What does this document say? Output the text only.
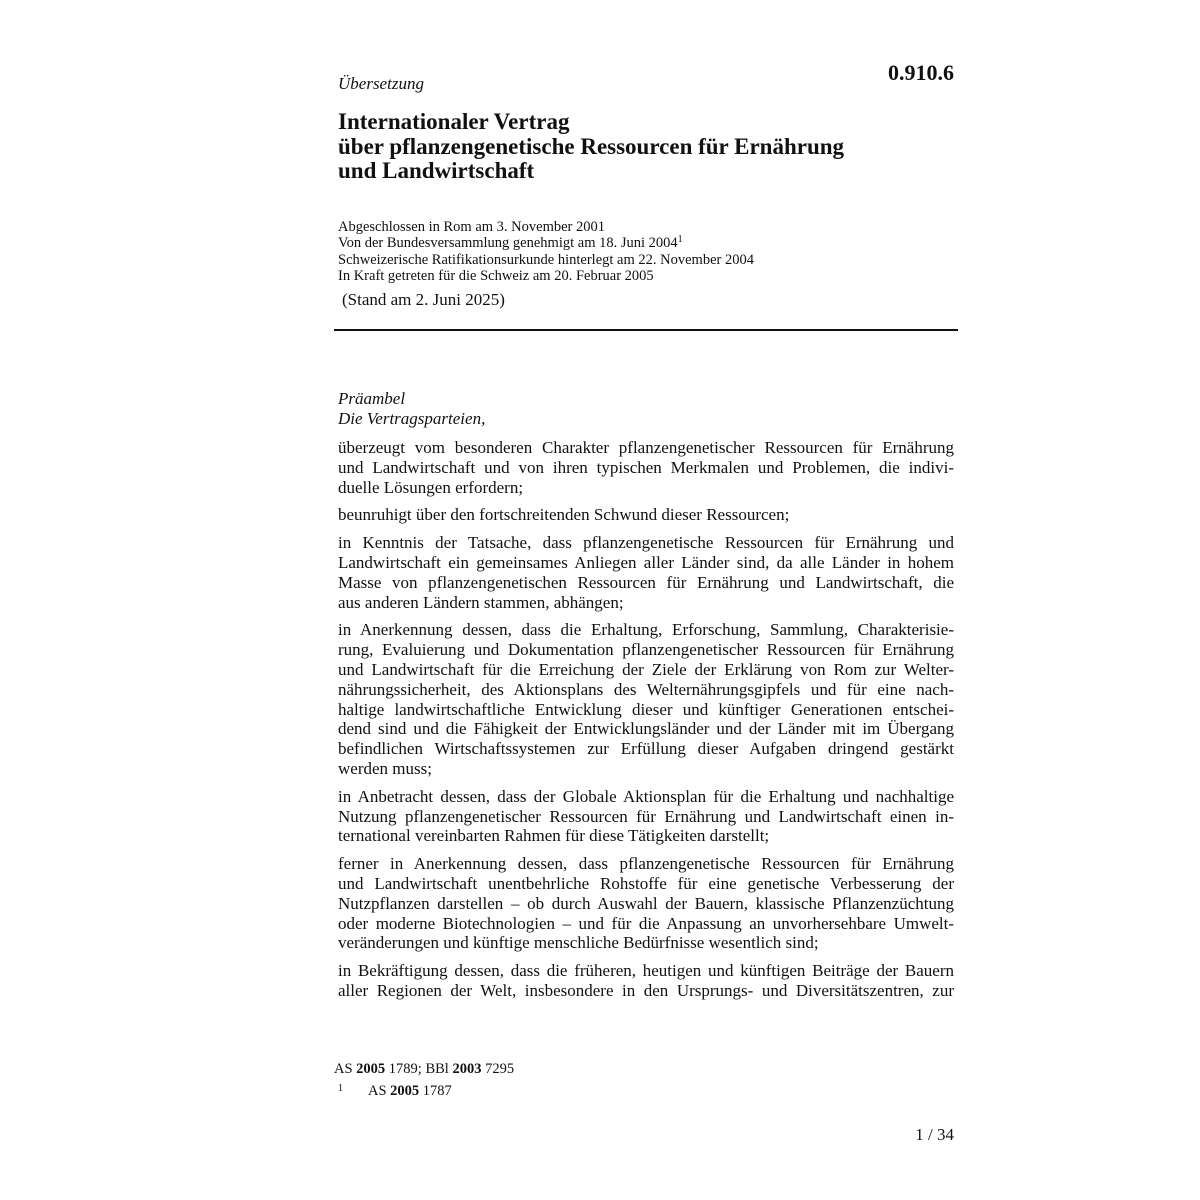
Übersetzung	0.910.6
Internationaler Vertrag
über pflanzengenetische Ressourcen für Ernährung
und Landwirtschaft
Abgeschlossen in Rom am 3. November 2001
Von der Bundesversammlung genehmigt am 18. Juni 2004$^1$
Schweizerische Ratifikationsurkunde hinterlegt am 22. November 2004
In Kraft getreten für die Schweiz am 20. Februar 2005
(Stand am 2. Juni 2025)
Präambel
Die Vertragsparteien,
überzeugt vom besonderen Charakter pflanzengenetischer Ressourcen für Ernährung
und Landwirtschaft und von ihren typischen Merkmalen und Problemen, die indivi-
duelle Lösungen erfordern;
beunruhigt über den fortschreitenden Schwund dieser Ressourcen;
in Kenntnis der Tatsache, dass pflanzengenetische Ressourcen für Ernährung und
Landwirtschaft ein gemeinsames Anliegen aller Länder sind, da alle Länder in hohem
Masse von pflanzengenetischen Ressourcen für Ernährung und Landwirtschaft, die
aus anderen Ländern stammen, abhängen;
in Anerkennung dessen, dass die Erhaltung, Erforschung, Sammlung, Charakterisie-
rung, Evaluierung und Dokumentation pflanzengenetischer Ressourcen für Ernährung
und Landwirtschaft für die Erreichung der Ziele der Erklärung von Rom zur Welter-
nährungssicherheit, des Aktionsplans des Welternährungsgipfels und für eine nach-
haltige landwirtschaftliche Entwicklung dieser und künftiger Generationen entschei-
dend sind und die Fähigkeit der Entwicklungsländer und der Länder mit im Übergang
befindlichen Wirtschaftssystemen zur Erfüllung dieser Aufgaben dringend gestärkt
werden muss;
in Anbetracht dessen, dass der Globale Aktionsplan für die Erhaltung und nachhaltige
Nutzung pflanzengenetischer Ressourcen für Ernährung und Landwirtschaft einen in-
ternational vereinbarten Rahmen für diese Tätigkeiten darstellt;
ferner in Anerkennung dessen, dass pflanzengenetische Ressourcen für Ernährung
und Landwirtschaft unentbehrliche Rohstoffe für eine genetische Verbesserung der
Nutzpflanzen darstellen – ob durch Auswahl der Bauern, klassische Pflanzenzüchtung
oder moderne Biotechnologien – und für die Anpassung an unvorhersehbare Umwelt-
veränderungen und künftige menschliche Bedürfnisse wesentlich sind;
in Bekräftigung dessen, dass die früheren, heutigen und künftigen Beiträge der Bauern
aller Regionen der Welt, insbesondere in den Ursprungs- und Diversitätszentren, zur
AS 2005 1789; BBl 2003 7295
1 AS 2005 1787
1 / 34
